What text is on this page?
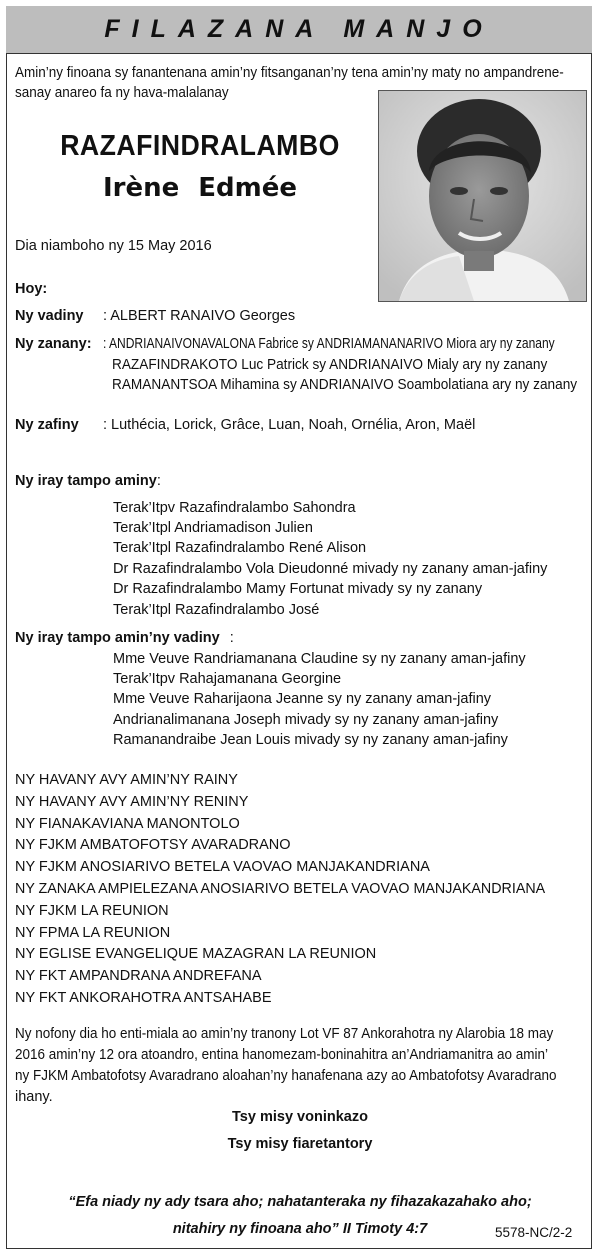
FILAZANA MANJO
Amin’ny finoana sy fanantenana amin’ny fitsanganan’ny tena amin’ny maty no ampandrene-
sanay anareo fa ny hava-malalanay
RAZAFINDRALAMBO
Irène Edmée
Dia niamboho ny 15 May 2016
Hoy:
Ny vadiny : ALBERT RANAIVO Georges
Ny zanany: : ANDRIANAIVONAVALONA Fabrice sy ANDRIAMANANARIVO Miora ary ny zanany
RAZAFINDRAKOTO Luc Patrick sy ANDRIANAIVO Mialy ary ny zanany
RAMANANTSOA Mihamina sy ANDRIANAIVO Soambolatiana ary ny zanany
Ny zafiny : Luthécia, Lorick, Grâce, Luan, Noah, Ornélia, Aron, Maël
Ny iray tampo aminy:
Terak’Itpv Razafindralambo Sahondra
Terak’Itpl Andriamadison Julien
Terak’Itpl Razafindralambo René Alison
Dr Razafindralambo Vola Dieudonné mivady ny zanany aman-jafiny
Dr Razafindralambo Mamy Fortunat mivady sy ny zanany
Terak’Itpl Razafindralambo José
Ny iray tampo amin’ny vadiny :
Mme Veuve Randriamanana Claudine sy ny zanany aman-jafiny
Terak’Itpv Rahajamanana Georgine
Mme Veuve Raharijaona Jeanne sy ny zanany aman-jafiny
Andrianalimanana Joseph mivady sy ny zanany aman-jafiny
Ramanandraibe Jean Louis mivady sy ny zanany aman-jafiny
NY HAVANY AVY AMIN’NY RAINY
NY HAVANY AVY AMIN’NY RENINY
NY FIANAKAVIANA MANONTOLO
NY FJKM AMBATOFOTSY AVARADRANO
NY FJKM ANOSIARIVO BETELA VAOVAO MANJAKANDRIANA
NY ZANAKA AMPIELEZANA ANOSIARIVO BETELA VAOVAO MANJAKANDRIANA
NY FJKM LA REUNION
NY FPMA LA REUNION
NY EGLISE EVANGELIQUE MAZAGRAN LA REUNION
NY FKT AMPANDRANA ANDREFANA
NY FKT ANKORAHOTRA ANTSAHABE
Ny nofony dia ho enti-miala ao amin’ny tranony Lot VF 87 Ankorahotra ny Alarobia 18 may
2016 amin’ny 12 ora atoandro, entina hanomezam-boninahitra an’Andriamanitra ao amin’
ny FJKM Ambatofotsy Avaradrano aloahan’ny hanafenana azy ao Ambatofotsy Avaradrano
ihany.
Tsy misy voninkazo
Tsy misy fiaretantory
“Efa niady ny ady tsara aho; nahatanteraka ny fihazakazahako aho;
nitahiry ny finoana aho” II Timoty 4:7	5578-NC/2-2
